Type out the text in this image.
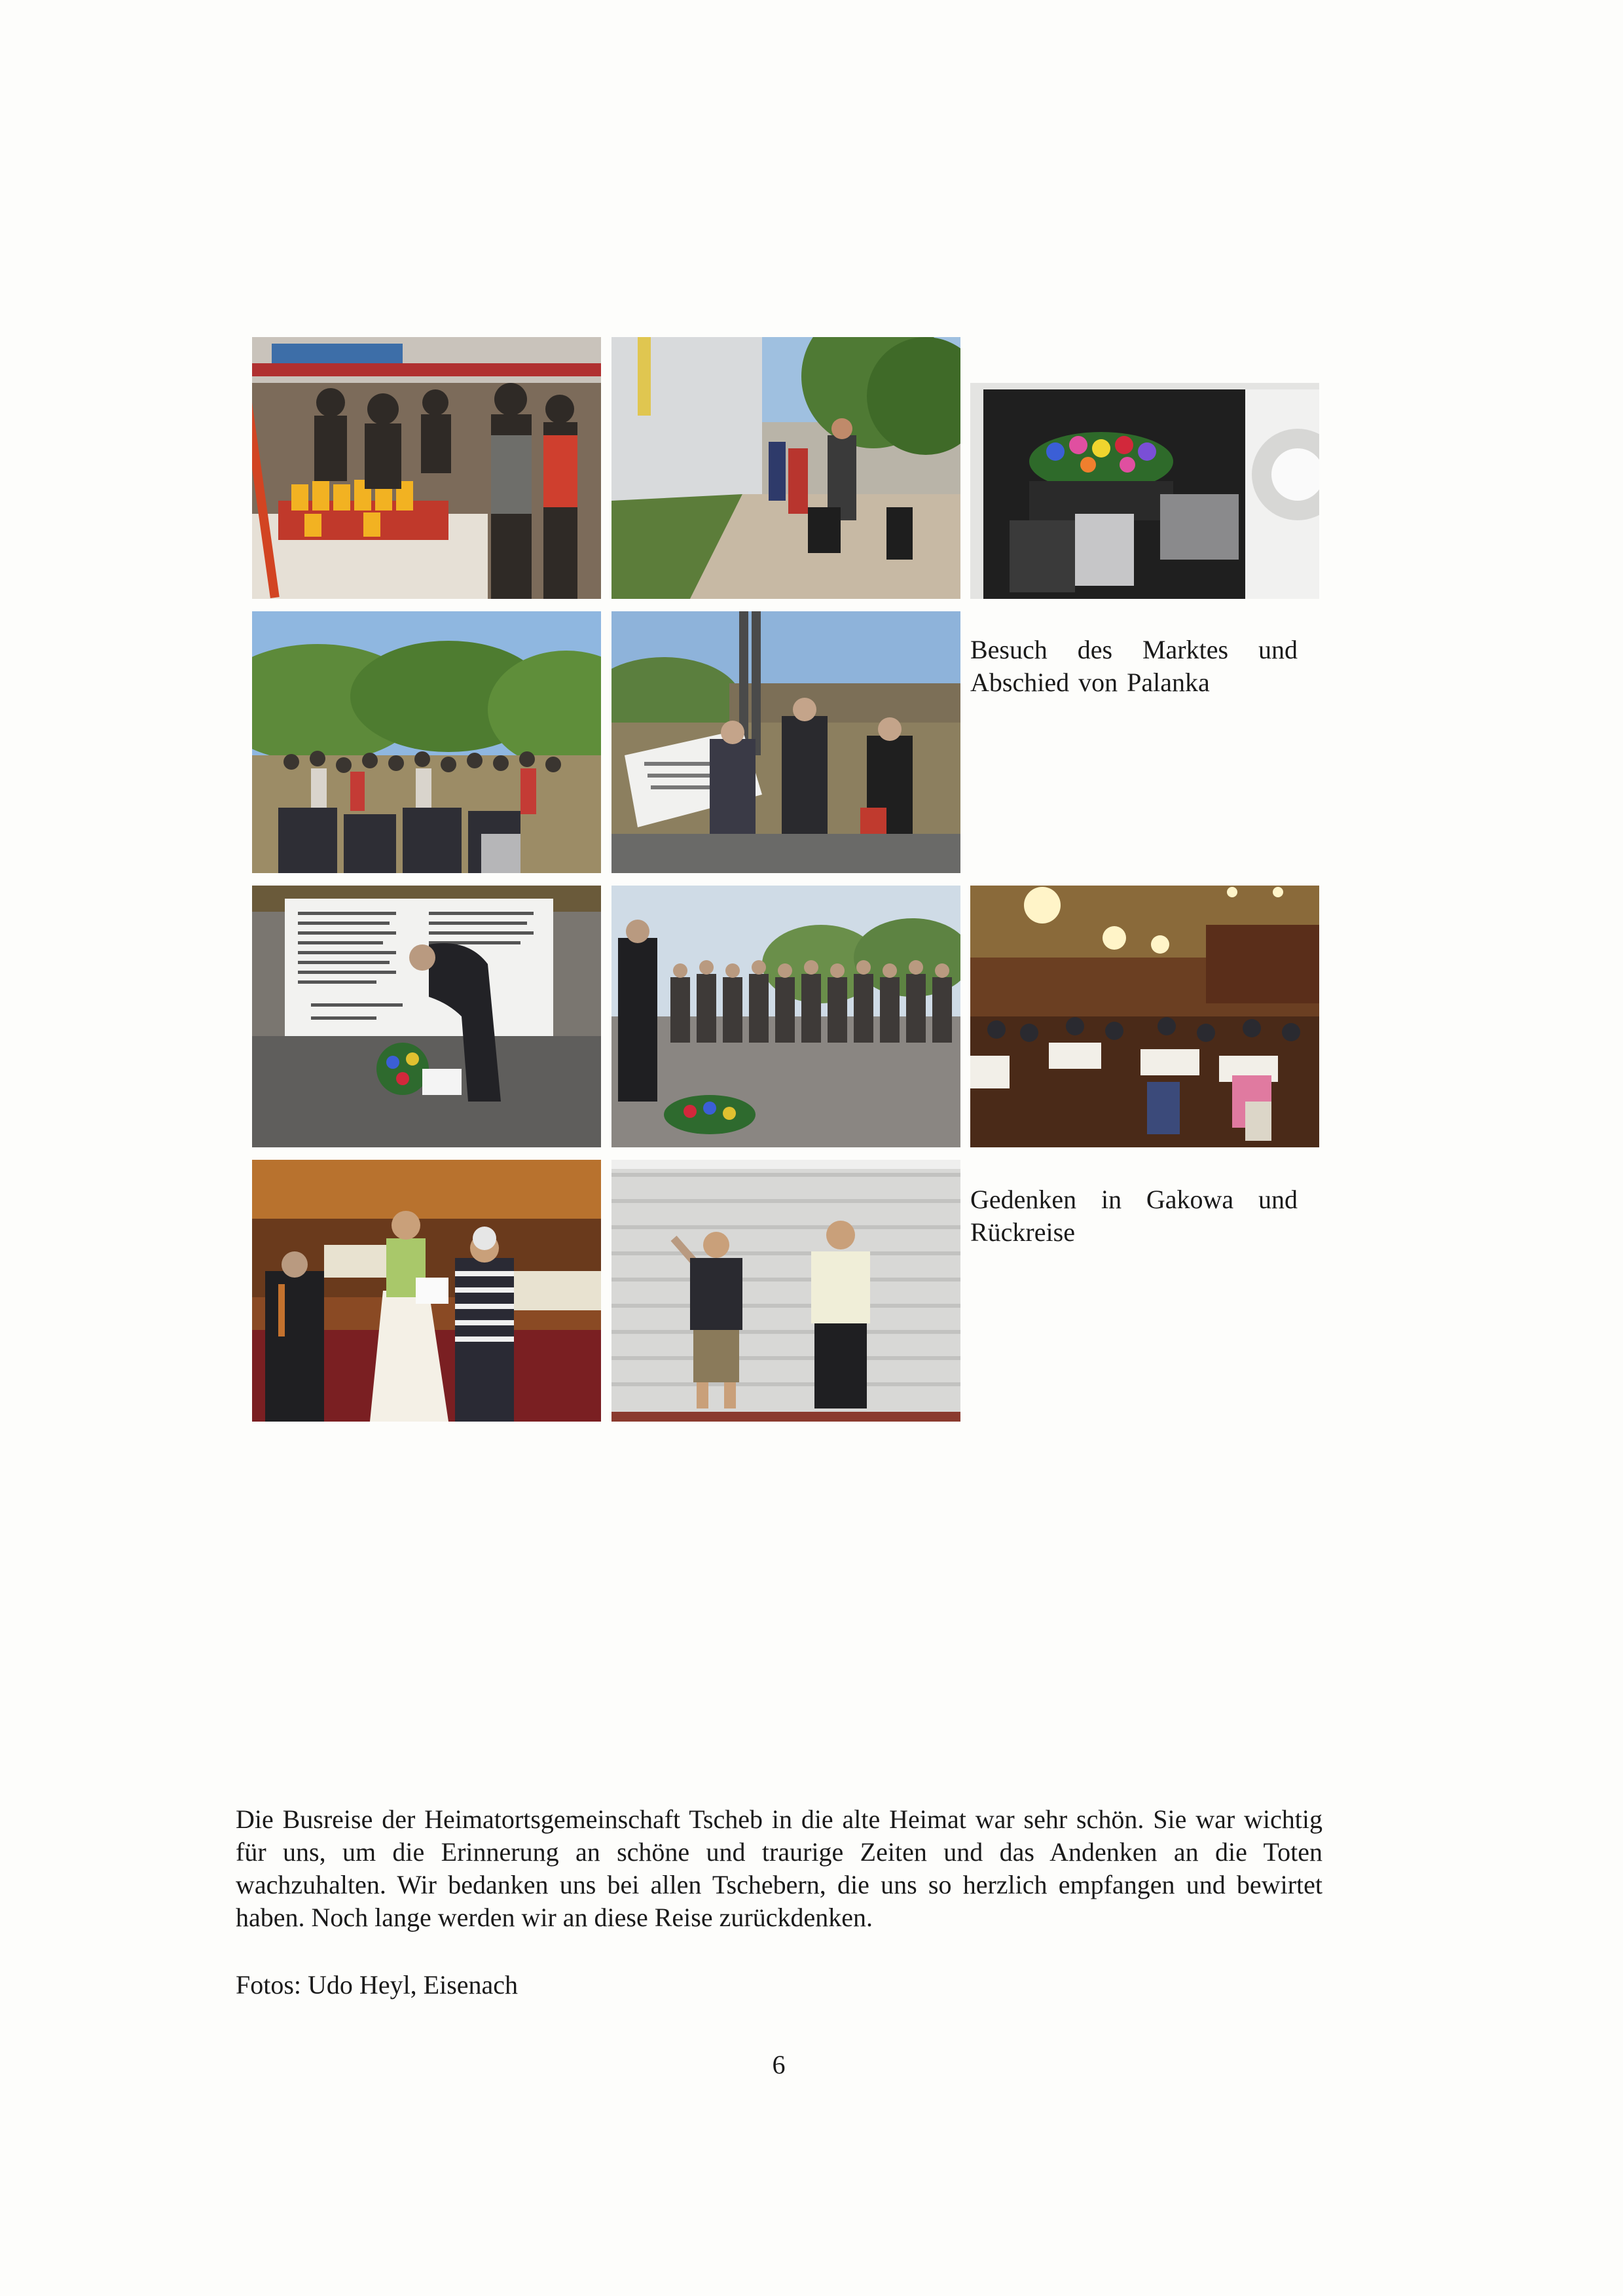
Besuch des Marktes und Abschied von Palanka
Gedenken in Gakowa und Rückreise

Die Busreise der Heimatortsgemeinschaft Tscheb in die alte Heimat war sehr schön. Sie war wichtig für uns, um die Erinnerung an schöne und traurige Zeiten und das Andenken an die Toten wachzuhalten. Wir bedanken uns bei allen Tschebern, die uns so herzlich empfangen und bewirtet haben. Noch lange werden wir an diese Reise zurückdenken.

Fotos: Udo Heyl, Eisenach

6
